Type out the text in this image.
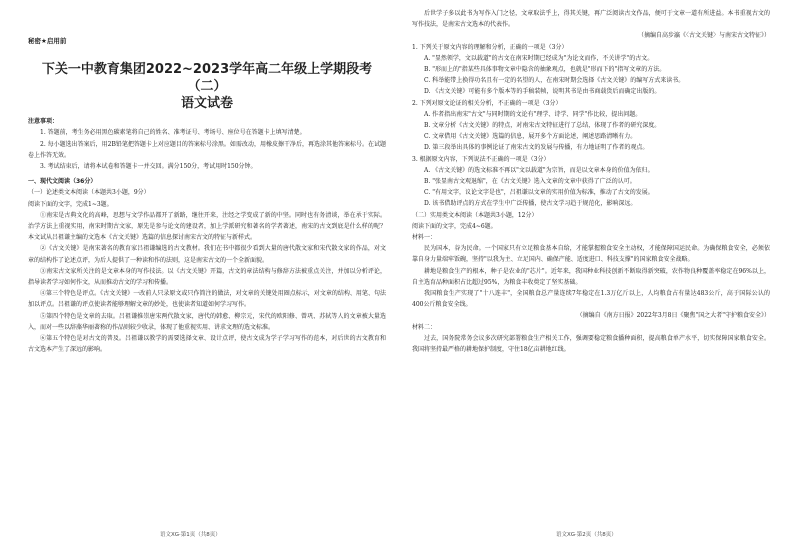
秘密★启用前
下关一中教育集团2022~2023学年高二年级上学期段考（二）
语文试卷
注意事项：

1. 答题前，考生务必用黑色碳素笔将自己的姓名、准考证号、考场号、座位号在答题卡上填写清楚。

2. 每小题选出答案后，用2B铅笔把答题卡上对应题目的答案标号涂黑。如需改动，用橡皮擦干净后，再选涂其他答案标号。在试题卷上作答无效。

3. 考试结束后，请将本试卷和答题卡一并交回。满分150分，考试用时150分钟。

一、现代文阅读（36分）

（一）论述类文本阅读（本题共3小题，9分）

阅读下面的文字，完成1~3题。

①南宋是古典文化的高峰，思想与文学作品都开了新路，继往开来，注经之学变成了新的中坚。同时也有务清谈，举在承于实际。治学方法上重视实用，南宋时期古文家，原先是参与论文的建设者，加上学派研究和著名的学者著述，南宋的古文到底是什么样的呢？本文试从吕祖谦主编的文选本《古文关键》选篇的信息探讨南宋古文的特征与新样式。

②《古文关键》是南宋著名的教育家吕祖谦编选的古文教材。我们在书中都很少看到大量的唐代散文家和宋代散文家的作品，对文章的结构作了论述点评，为后人提供了一种读和作的法则，这是南宋古文的一个全新面貌。

③南宋古文家所关注的是文章本身的写作技法。以《古文关键》开篇，古文的章法结构与修辞方法被重点关注，并加以分析评论，指导读者学习如何作文，从而推动古文的学习和传播。

④第三个特色是评点。《古文关键》一改前人只录原文或只作简注的做法，对文章的关键处用圈点标示，对文章的结构、用笔、句法加以评点。吕祖谦的评点使读者能够理解文章的妙处，也使读者知道如何学习写作。

⑤第四个特色是文章的去取。吕祖谦推崇唐宋两代散文家，唐代的韩愈、柳宗元，宋代的欧阳修、曾巩、苏轼等人的文章被大量选入，而对一些以辞藻华丽著称的作品则较少收录，体现了他重视实用、讲求文理的选文标准。

⑥第五个特色是对古文的普及。吕祖谦以教学的需要选择文章、设计点评，使古文成为学子学习写作的范本，对后世的古文教育和古文选本产生了深远的影响。

后世学子多以此书为写作入门之径，文章取法乎上，得其关键，再广泛阅读古文作品，便可于文章一道有所进益。本书重视古文的写作技法，是南宋古文选本的代表作。

（摘编自高步瀛《〈古文关键〉与南宋古文特征》）

1. 下列关于原文内容的理解和分析，正确的一项是（3分）

A. "显然领学，文以载道"的古文在南宋时期已经成为"为论文而作，不关讲学"的古文。

B. "形而上的"指某些具体事物文章中隐含的抽象观点，也就是"形而下的"指写文章的方法。

C. 科举能带上换得功名且有一定的名望的人，在南宋时期会选择《古文关键》的编写方式来读书。

D. 《古文关键》可能有多个版本等的手稿装帧，说明其书是由书商载货后而确定出版的。

2. 下列对原文论证的相关分析，不正确的一项是（3分）

A. 作者指出南宋"古文"与同时期的文论有"理学、诗学、同学"作比较，提出问题。

B. 文章分析《古文关键》的特点，对南宋古文特征进行了总结，体现了作者的研究深度。

C. 文章借用《古文关键》选篇的信息，展开多个方面论述，阐述思路清晰有力。

D. 第三段举出具体的事例论证了南宋古文的发展与传播，有力地证明了作者的观点。

3. 根据原文内容，下列说法不正确的一项是（3分）

A. 《古文关键》的选文标准不再以"文以载道"为宗旨，而是以文章本身的价值为依归。

B. "张显南古文观退缩"，在《古文关键》选入文章的文章中获得了广泛的认可。

C. "有用文字，议论文字是也"，吕祖谦以文章的实用价值为标准，推动了古文的发展。

D. 该书借助评点的方式在学生中广泛传播，使古文学习趋于规范化，影响深远。

（二）实用类文本阅读（本题共3小题，12分）

阅读下面的文字，完成4~6题。

材料一：

民为国本，谷为民命。一个国家只有立足粮食基本自给，才能掌握粮食安全主动权，才能保障国运民命。为确保粮食安全，必须依靠自身力量端牢饭碗，坚持"以我为主、立足国内、确保产能、适度进口、科技支撑"的国家粮食安全战略。

耕地是粮食生产的根本，种子是农业的"芯片"。近年来，我国种业科技创新不断取得新突破，农作物良种覆盖率稳定在96%以上，自主选育品种面积占比超过95%，为粮食丰收奠定了坚实基础。

我国粮食生产实现了"十八连丰"，全国粮食总产量连续7年稳定在1.3万亿斤以上，人均粮食占有量达483公斤，高于国际公认的400公斤粮食安全线。

（摘编自《南方日报》2022年3月8日《聚焦"国之大者"守护粮食安全》）

材料二：

过去，国务院常务会议多次研究部署粮食生产相关工作，强调要稳定粮食播种面积，提高粮食单产水平，切实保障国家粮食安全。我国将坚持最严格的耕地保护制度，守住18亿亩耕地红线。

语文XG·第1页（共8页）	语文XG·第2页（共8页）
